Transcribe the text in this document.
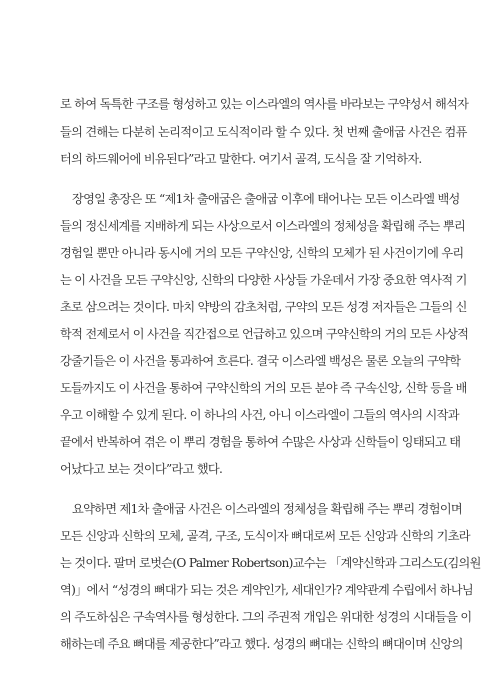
로 하여 독특한 구조를 형성하고 있는 이스라엘의 역사를 바라보는 구약성서 해석자
들의 견해는 다분히 논리적이고 도식적이라 할 수 있다. 첫 번째 출애굽 사건은 컴퓨
터의 하드웨어에 비유된다”라고 말한다. 여기서 골격, 도식을 잘 기억하자.
장영일 총장은 또 “제1차 출애굽은 출애굽 이후에 태어나는 모든 이스라엘 백성
들의 정신세계를 지배하게 되는 사상으로서 이스라엘의 정체성을 확립해 주는 뿌리
경험일 뿐만 아니라 동시에 거의 모든 구약신앙, 신학의 모체가 된 사건이기에 우리
는 이 사건을 모든 구약신앙, 신학의 다양한 사상들 가운데서 가장 중요한 역사적 기
초로 삼으려는 것이다. 마치 약방의 감초처럼, 구약의 모든 성경 저자들은 그들의 신
학적 전제로서 이 사건을 직간접으로 언급하고 있으며 구약신학의 거의 모든 사상적
강줄기들은 이 사건을 통과하여 흐른다. 결국 이스라엘 백성은 물론 오늘의 구약학
도들까지도 이 사건을 통하여 구약신학의 거의 모든 분야 즉 구속신앙, 신학 등을 배
우고 이해할 수 있게 된다. 이 하나의 사건, 아니 이스라엘이 그들의 역사의 시작과
끝에서 반복하여 겪은 이 뿌리 경험을 통하여 수많은 사상과 신학들이 잉태되고 태
어났다고 보는 것이다”라고 했다.
요약하면 제1차 출애굽 사건은 이스라엘의 정체성을 확립해 주는 뿌리 경험이며
모든 신앙과 신학의 모체, 골격, 구조, 도식이자 뼈대로써 모든 신앙과 신학의 기초라
는 것이다. 팔머 로벗슨(O Palmer Robertson)교수는 「계약신학과 그리스도(김의원
역)」에서 “성경의 뼈대가 되는 것은 계약인가, 세대인가? 계약관계 수립에서 하나님
의 주도하심은 구속역사를 형성한다. 그의 주권적 개입은 위대한 성경의 시대들을 이
해하는데 주요 뼈대를 제공한다”라고 했다. 성경의 뼈대는 신학의 뼈대이며 신앙의
